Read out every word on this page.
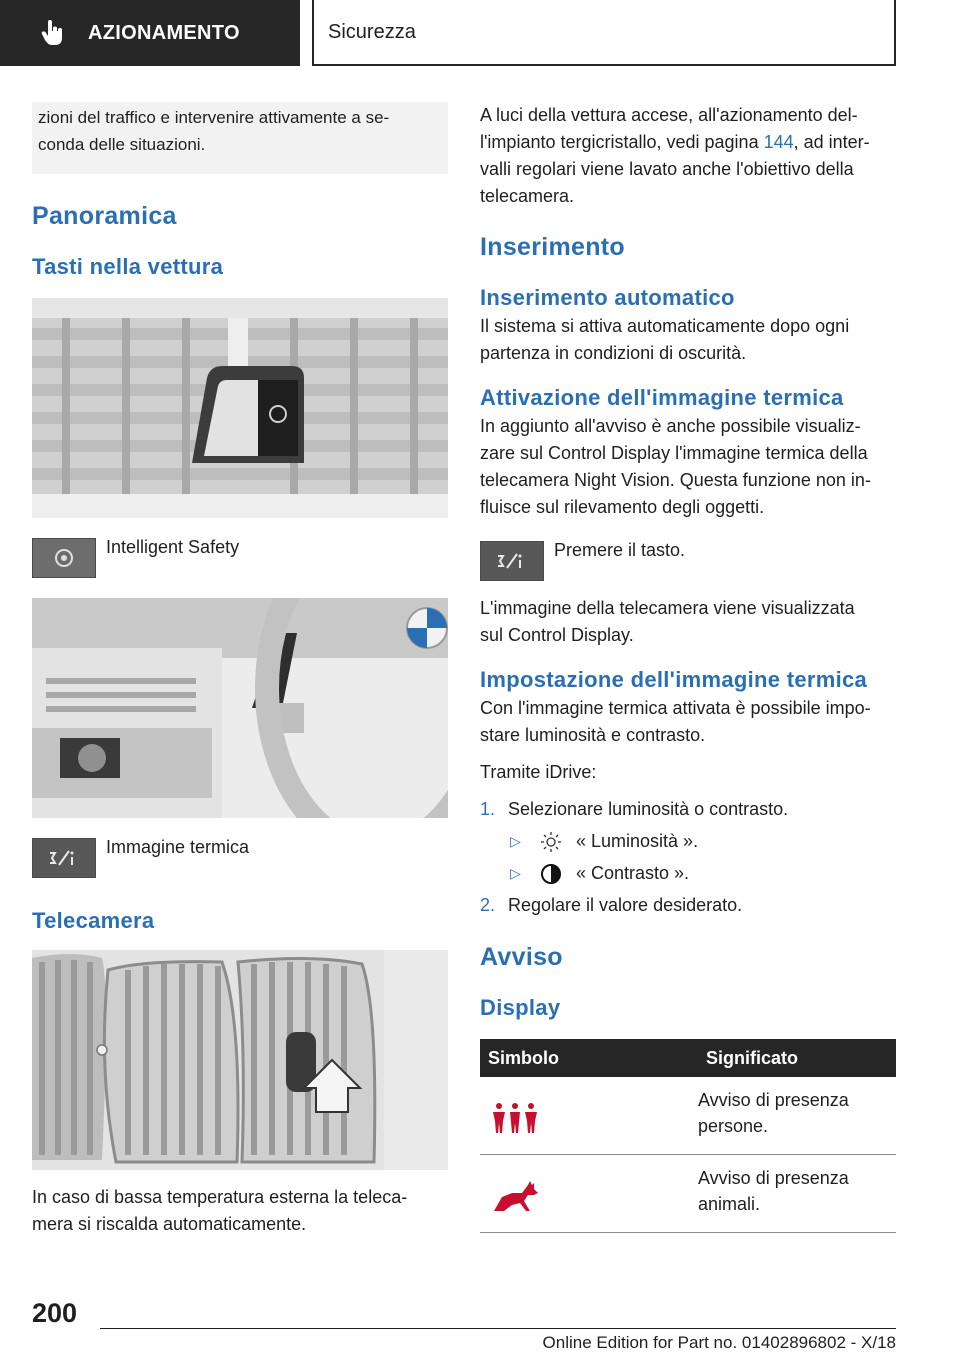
AZIONAMENTO	Sicurezza
zioni del traffico e intervenire attivamente a se-
conda delle situazioni.
Panoramica
Tasti nella vettura
Intelligent Safety
Immagine termica
Telecamera
In caso di bassa temperatura esterna la teleca-
mera si riscalda automaticamente.
A luci della vettura accese, all'azionamento del-
l'impianto tergicristallo, vedi pagina 144, ad inter-
valli regolari viene lavato anche l'obiettivo della
telecamera.
Inserimento
Inserimento automatico
Il sistema si attiva automaticamente dopo ogni
partenza in condizioni di oscurità.
Attivazione dell'immagine termica
In aggiunto all'avviso è anche possibile visualiz-
zare sul Control Display l'immagine termica della
telecamera Night Vision. Questa funzione non in-
fluisce sul rilevamento degli oggetti.
Premere il tasto.
L'immagine della telecamera viene visualizzata
sul Control Display.
Impostazione dell'immagine termica
Con l'immagine termica attivata è possibile impo-
stare luminosità e contrasto.
Tramite iDrive:
1. Selezionare luminosità o contrasto.
▷	« Luminosità ».
▷	« Contrasto ».
2. Regolare il valore desiderato.
Avviso
Display
Simbolo	Significato

Avviso di presenza
persone.

Avviso di presenza
animali.
200
Online Edition for Part no. 01402896802 - X/18
